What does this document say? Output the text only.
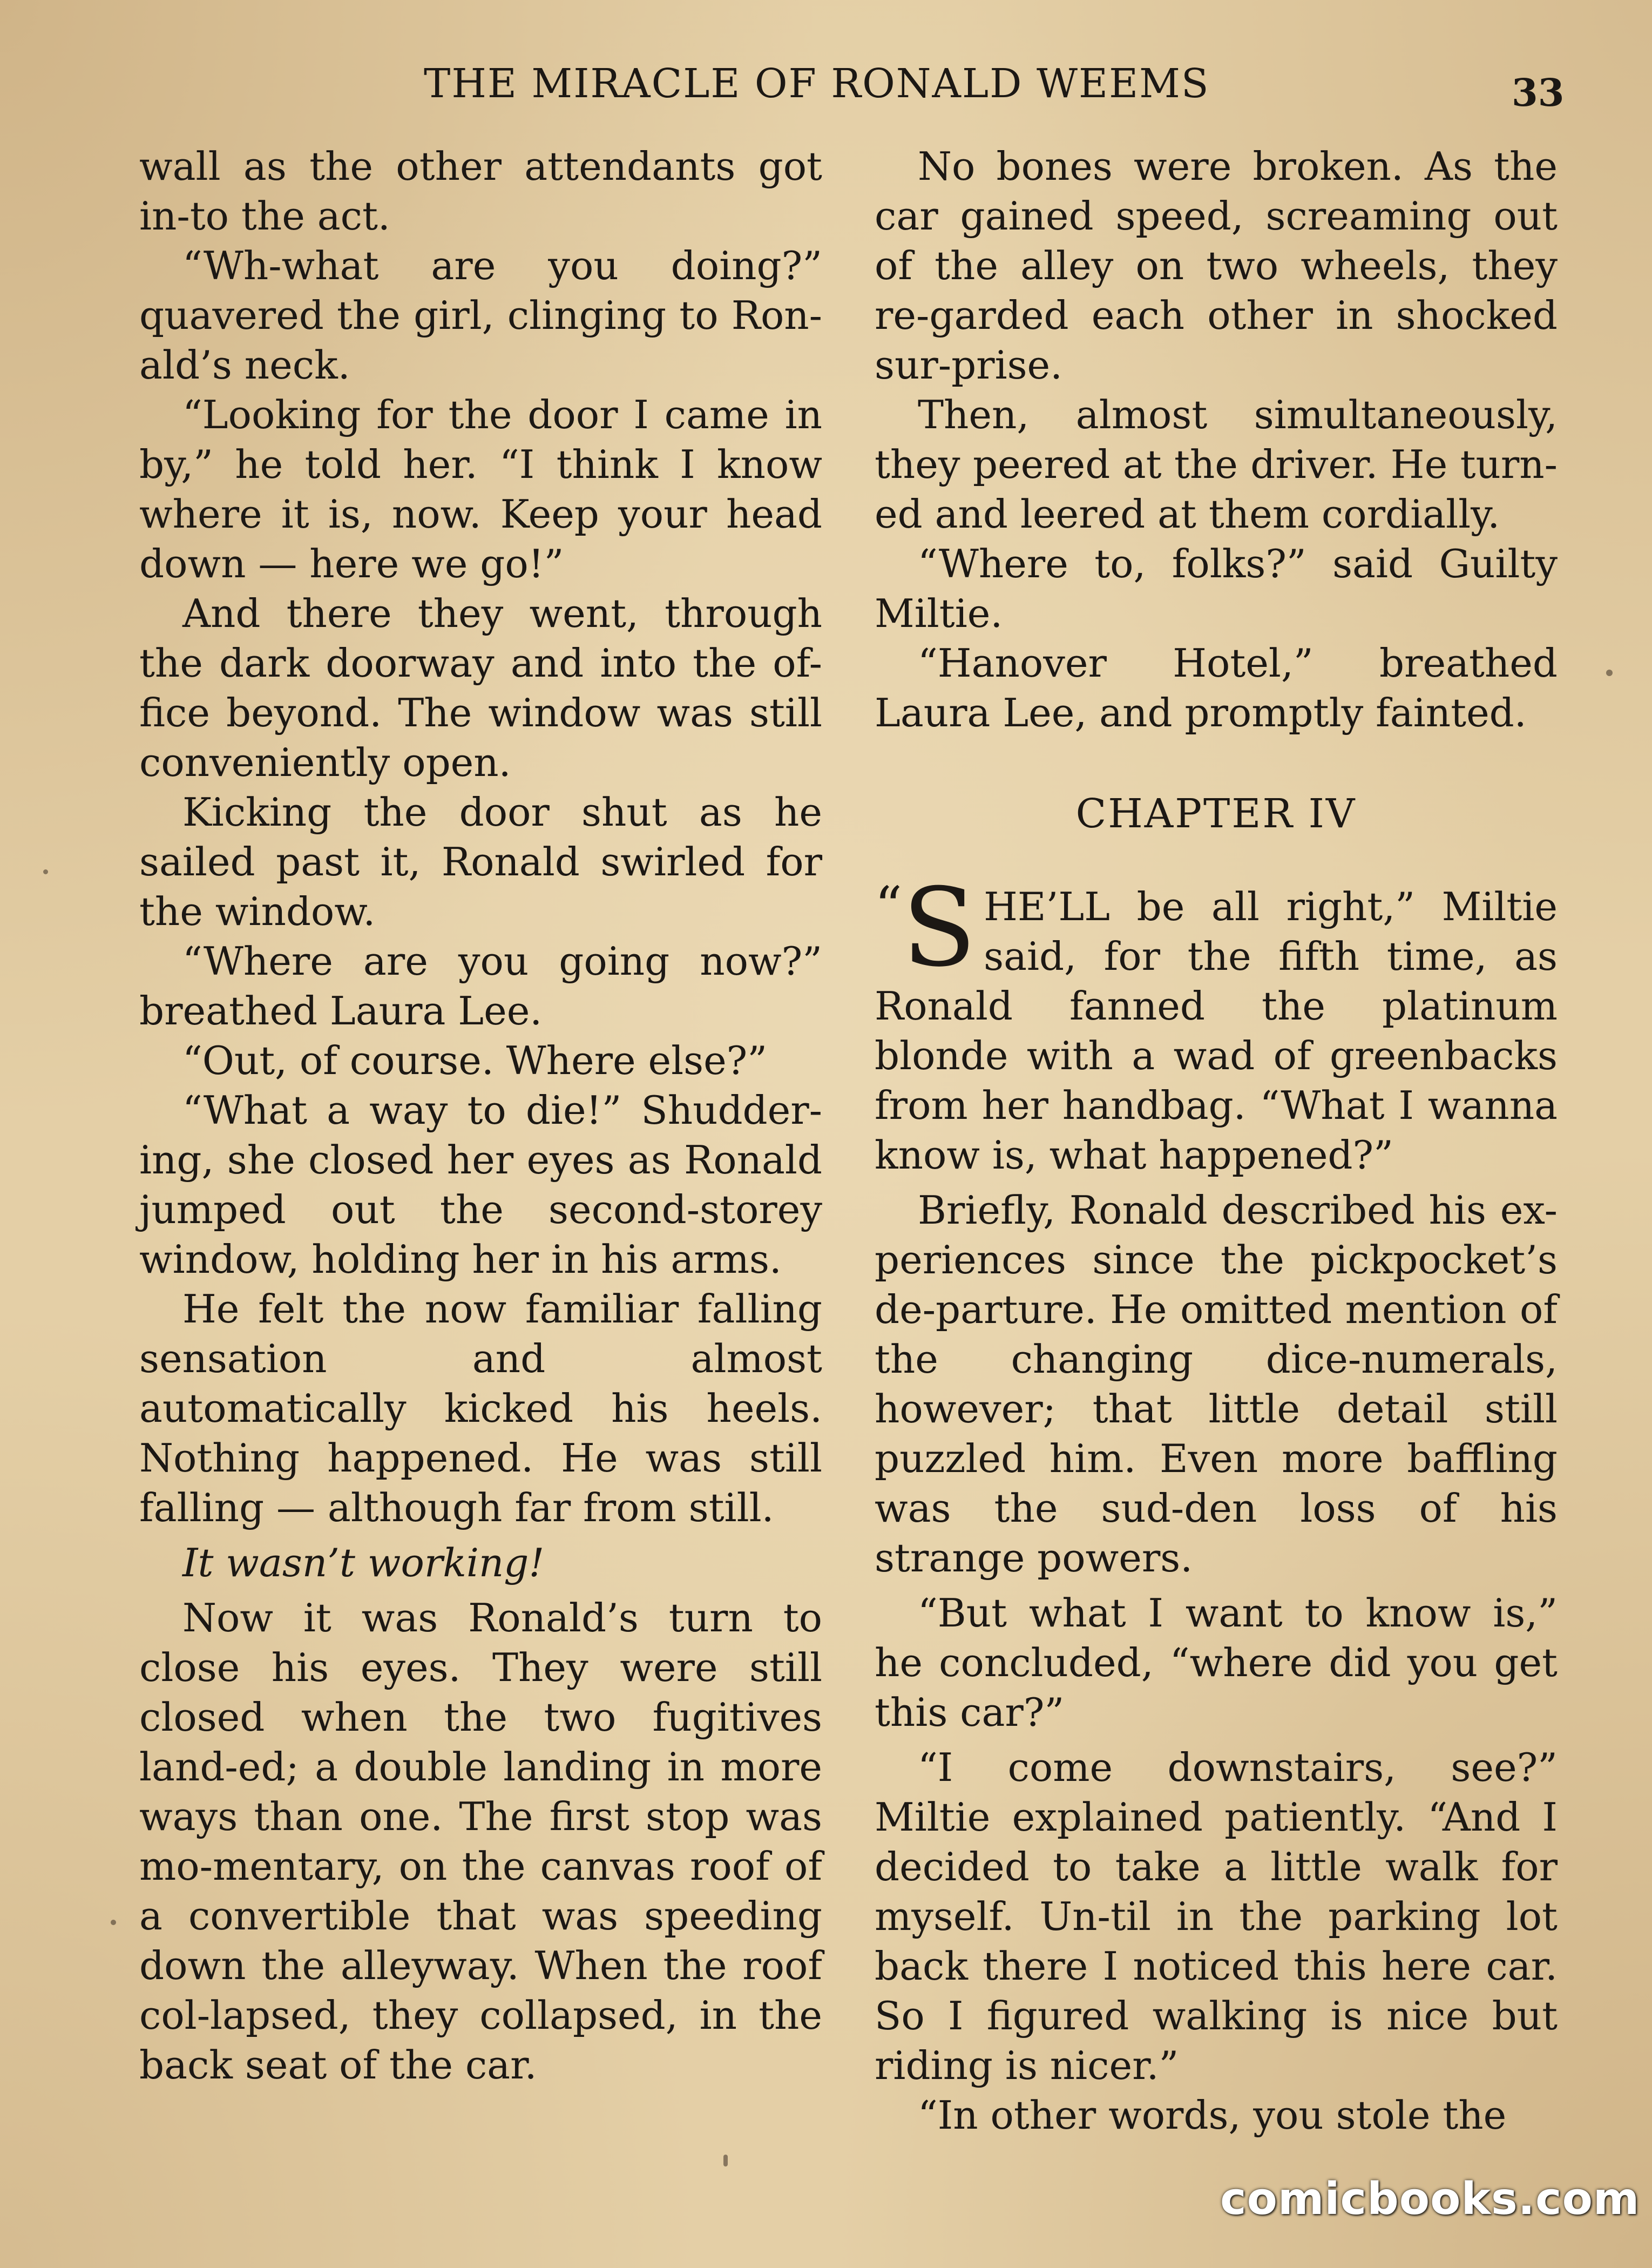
THE MIRACLE OF RONALD WEEMS	33

wall as the other attendants got in-to the act.

“Wh-what are you doing?” quavered the girl, clinging to Ron-ald’s neck.

“Looking for the door I came in by,” he told her. “I think I know where it is, now. Keep your head down — here we go!”

And there they went, through the dark doorway and into the of-fice beyond. The window was still conveniently open.

Kicking the door shut as he sailed past it, Ronald swirled for the window.

“Where are you going now?” breathed Laura Lee.

“Out, of course. Where else?”

“What a way to die!” Shudder-ing, she closed her eyes as Ronald jumped out the second-storey window, holding her in his arms.

He felt the now familiar falling sensation and almost automatically kicked his heels. Nothing happened. He was still falling — although far from still.

It wasn’t working!

Now it was Ronald’s turn to close his eyes. They were still closed when the two fugitives land-ed; a double landing in more ways than one. The first stop was mo-mentary, on the canvas roof of a convertible that was speeding down the alleyway. When the roof col-lapsed, they collapsed, in the back seat of the car.

No bones were broken. As the car gained speed, screaming out of the alley on two wheels, they re-garded each other in shocked sur-prise.

Then, almost simultaneously, they peered at the driver. He turn-ed and leered at them cordially.

“Where to, folks?” said Guilty Miltie.

“Hanover Hotel,” breathed Laura Lee, and promptly fainted.

CHAPTER IV

“S HE’LL be all right,” Miltie said, for the fifth time, as Ronald fanned the platinum blonde with a wad of greenbacks from her handbag. “What I wanna know is, what happened?”

Briefly, Ronald described his ex-periences since the pickpocket’s de-parture. He omitted mention of the changing dice-numerals, however; that little detail still puzzled him. Even more baffling was the sud-den loss of his strange powers.

“But what I want to know is,” he concluded, “where did you get this car?”

“I come downstairs, see?” Miltie explained patiently. “And I decided to take a little walk for myself. Un-til in the parking lot back there I noticed this here car. So I figured walking is nice but riding is nicer.”

“In other words, you stole the

comicbooks.com
